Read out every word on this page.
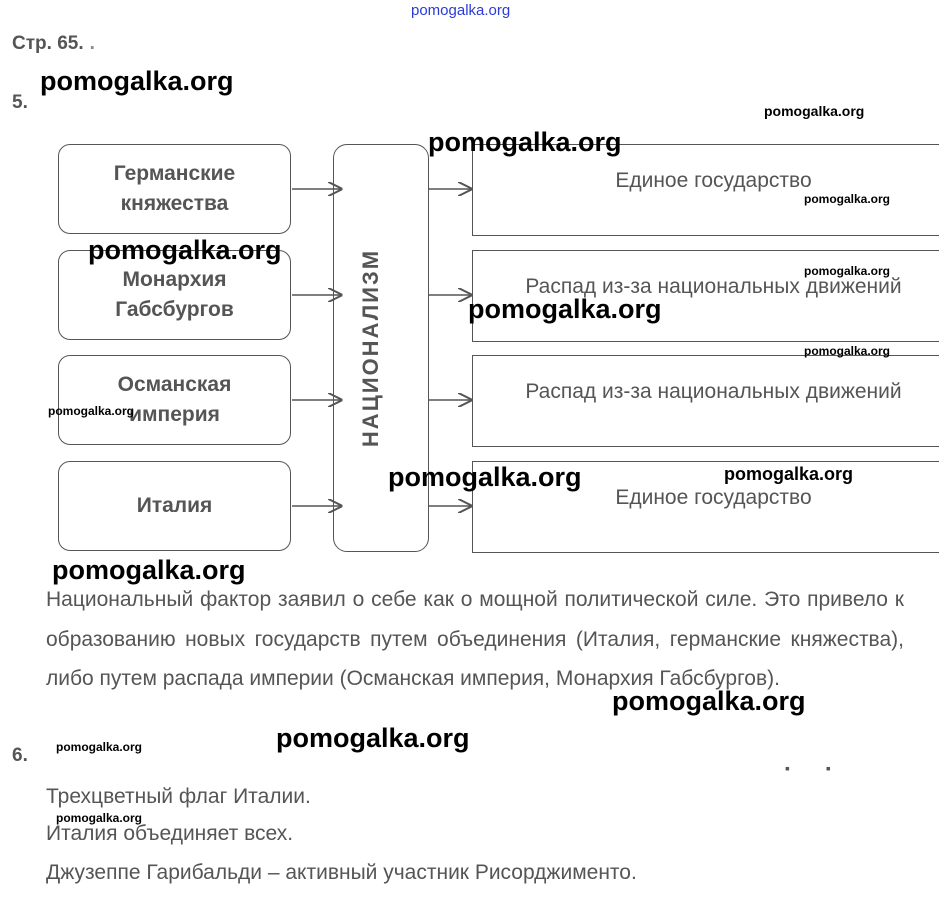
pomogalka.org
Стр. 65. .
5.
Германские
княжества
Монархия
Габсбургов
Османская
империя
Италия
НАЦИОНАЛИЗМ
Единое государство
Распад из-за национальных движений
Распад из-за национальных движений
Единое государство
Национальный фактор заявил о себе как о мощной политической силе. Это привело к образованию новых государств путем объединения (Италия, германские княжества), либо путем распада империи (Османская империя, Монархия Габсбургов).
6.
▪ ▪
Трехцветный флаг Италии.
Италия объединяет всех.
Джузеппе Гарибальди – активный участник Рисорджименто.
pomogalka.org
pomogalka.org
pomogalka.org
pomogalka.org
pomogalka.org
pomogalka.org
pomogalka.org
pomogalka.org
pomogalka.org
pomogalka.org	pomogalka.org
pomogalka.org
pomogalka.org
pomogalka.org
pomogalka.org
pomogalka.org
